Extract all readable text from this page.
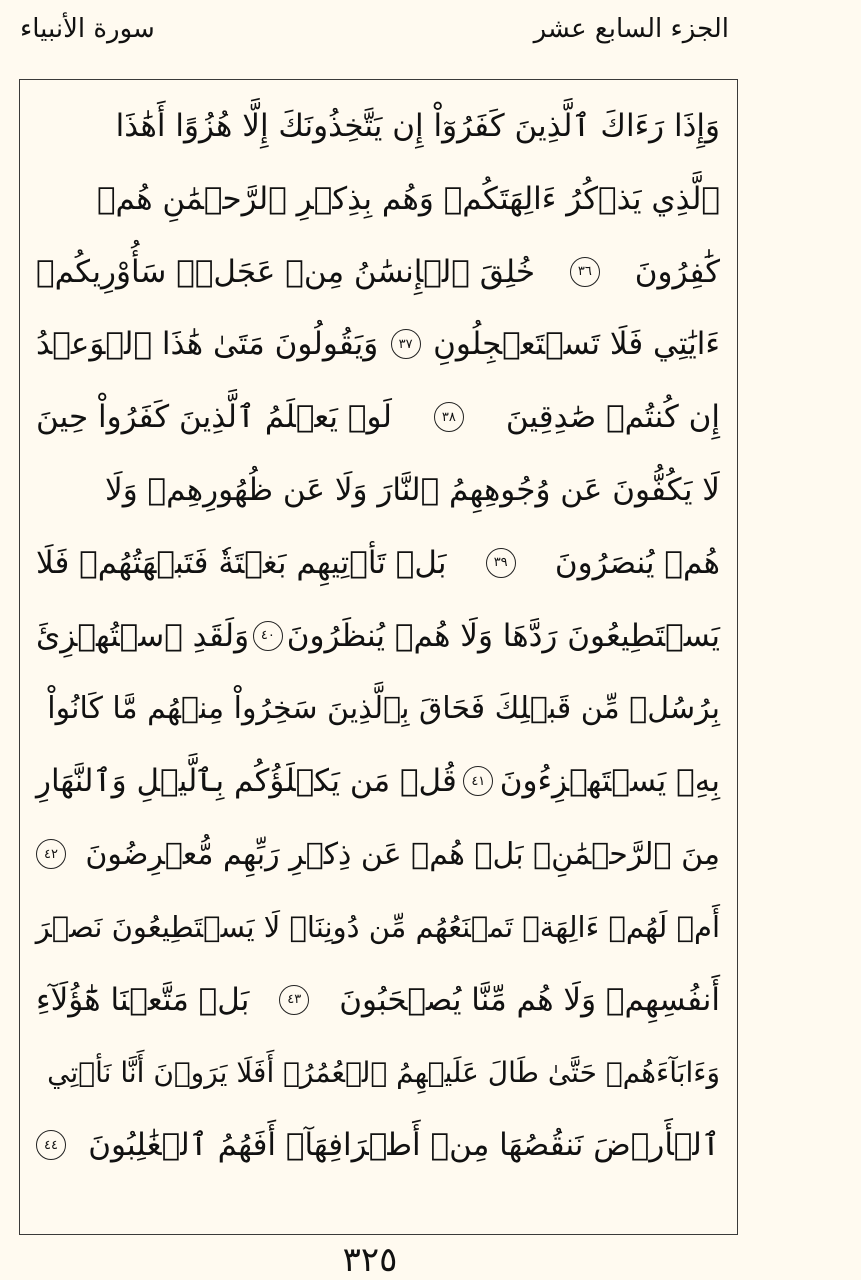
الجزء السابع عشر
سورة الأنبياء
وَإِذَا رَءَاكَ ٱلَّذِينَ كَفَرُوٓاْ إِن يَتَّخِذُونَكَ إِلَّا هُزُوًا أَهَٰذَا
ٱلَّذِي يَذۡكُرُ ءَالِهَتَكُمۡ وَهُم بِذِكۡرِ ٱلرَّحۡمَٰنِ هُمۡ
كَٰفِرُونَ
٣٦
خُلِقَ ٱلۡإِنسَٰنُ مِنۡ عَجَلٖۚ سَأُوْرِيكُمۡ
ءَايَٰتِي فَلَا تَسۡتَعۡجِلُونِ
٣٧
وَيَقُولُونَ مَتَىٰ هَٰذَا ٱلۡوَعۡدُ
إِن كُنتُمۡ صَٰدِقِينَ
٣٨
لَوۡ يَعۡلَمُ ٱلَّذِينَ كَفَرُواْ حِينَ
لَا يَكُفُّونَ عَن وُجُوهِهِمُ ٱلنَّارَ وَلَا عَن ظُهُورِهِمۡ وَلَا
هُمۡ يُنصَرُونَ
٣٩
بَلۡ تَأۡتِيهِم بَغۡتَةٗ فَتَبۡهَتُهُمۡ فَلَا
يَسۡتَطِيعُونَ رَدَّهَا وَلَا هُمۡ يُنظَرُونَ
٤٠
وَلَقَدِ ٱسۡتُهۡزِئَ
بِرُسُلٖ مِّن قَبۡلِكَ فَحَاقَ بِٱلَّذِينَ سَخِرُواْ مِنۡهُم مَّا كَانُواْ
بِهِۦ يَسۡتَهۡزِءُونَ
٤١
قُلۡ مَن يَكۡلَؤُكُم بِٱلَّيۡلِ وَٱلنَّهَارِ
مِنَ ٱلرَّحۡمَٰنِۚ بَلۡ هُمۡ عَن ذِكۡرِ رَبِّهِم مُّعۡرِضُونَ
٤٢
أَمۡ لَهُمۡ ءَالِهَةٞ تَمۡنَعُهُم مِّن دُونِنَاۚ لَا يَسۡتَطِيعُونَ نَصۡرَ
أَنفُسِهِمۡ وَلَا هُم مِّنَّا يُصۡحَبُونَ
٤٣
بَلۡ مَتَّعۡنَا هَٰٓؤُلَآءِ
وَءَابَآءَهُمۡ حَتَّىٰ طَالَ عَلَيۡهِمُ ٱلۡعُمُرُۗ أَفَلَا يَرَوۡنَ أَنَّا نَأۡتِي
ٱلۡأَرۡضَ نَنقُصُهَا مِنۡ أَطۡرَافِهَآۚ أَفَهُمُ ٱلۡغَٰلِبُونَ
٤٤
٣٢٥
